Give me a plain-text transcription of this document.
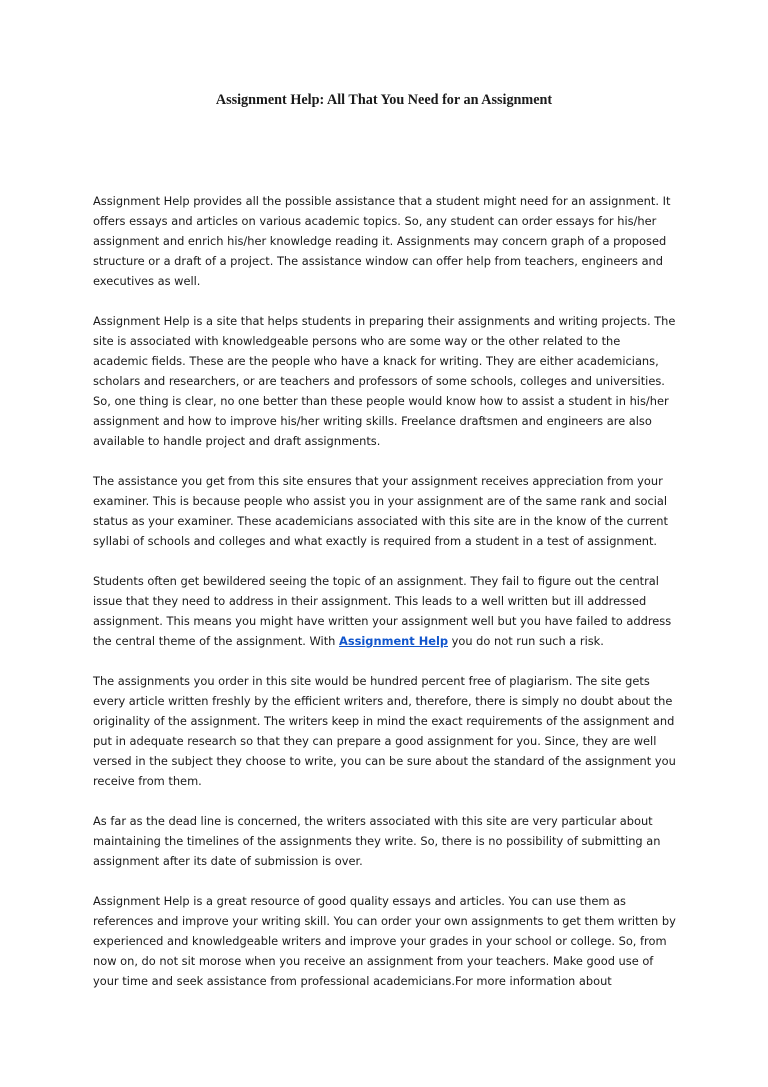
Assignment Help: All That You Need for an Assignment

Assignment Help provides all the possible assistance that a student might need for an assignment. It offers essays and articles on various academic topics. So, any student can order essays for his/her assignment and enrich his/her knowledge reading it. Assignments may concern graph of a proposed structure or a draft of a project. The assistance window can offer help from teachers, engineers and executives as well.

Assignment Help is a site that helps students in preparing their assignments and writing projects. The site is associated with knowledgeable persons who are some way or the other related to the academic fields. These are the people who have a knack for writing. They are either academicians, scholars and researchers, or are teachers and professors of some schools, colleges and universities. So, one thing is clear, no one better than these people would know how to assist a student in his/her assignment and how to improve his/her writing skills. Freelance draftsmen and engineers are also available to handle project and draft assignments.

The assistance you get from this site ensures that your assignment receives appreciation from your examiner. This is because people who assist you in your assignment are of the same rank and social status as your examiner. These academicians associated with this site are in the know of the current syllabi of schools and colleges and what exactly is required from a student in a test of assignment.

Students often get bewildered seeing the topic of an assignment. They fail to figure out the central issue that they need to address in their assignment. This leads to a well written but ill addressed assignment. This means you might have written your assignment well but you have failed to address the central theme of the assignment. With Assignment Help you do not run such a risk.

The assignments you order in this site would be hundred percent free of plagiarism. The site gets every article written freshly by the efficient writers and, therefore, there is simply no doubt about the originality of the assignment. The writers keep in mind the exact requirements of the assignment and put in adequate research so that they can prepare a good assignment for you. Since, they are well versed in the subject they choose to write, you can be sure about the standard of the assignment you receive from them.

As far as the dead line is concerned, the writers associated with this site are very particular about maintaining the timelines of the assignments they write. So, there is no possibility of submitting an assignment after its date of submission is over.

Assignment Help is a great resource of good quality essays and articles. You can use them as references and improve your writing skill. You can order your own assignments to get them written by experienced and knowledgeable writers and improve your grades in your school or college. So, from now on, do not sit morose when you receive an assignment from your teachers. Make good use of your time and seek assistance from professional academicians.For more information about
